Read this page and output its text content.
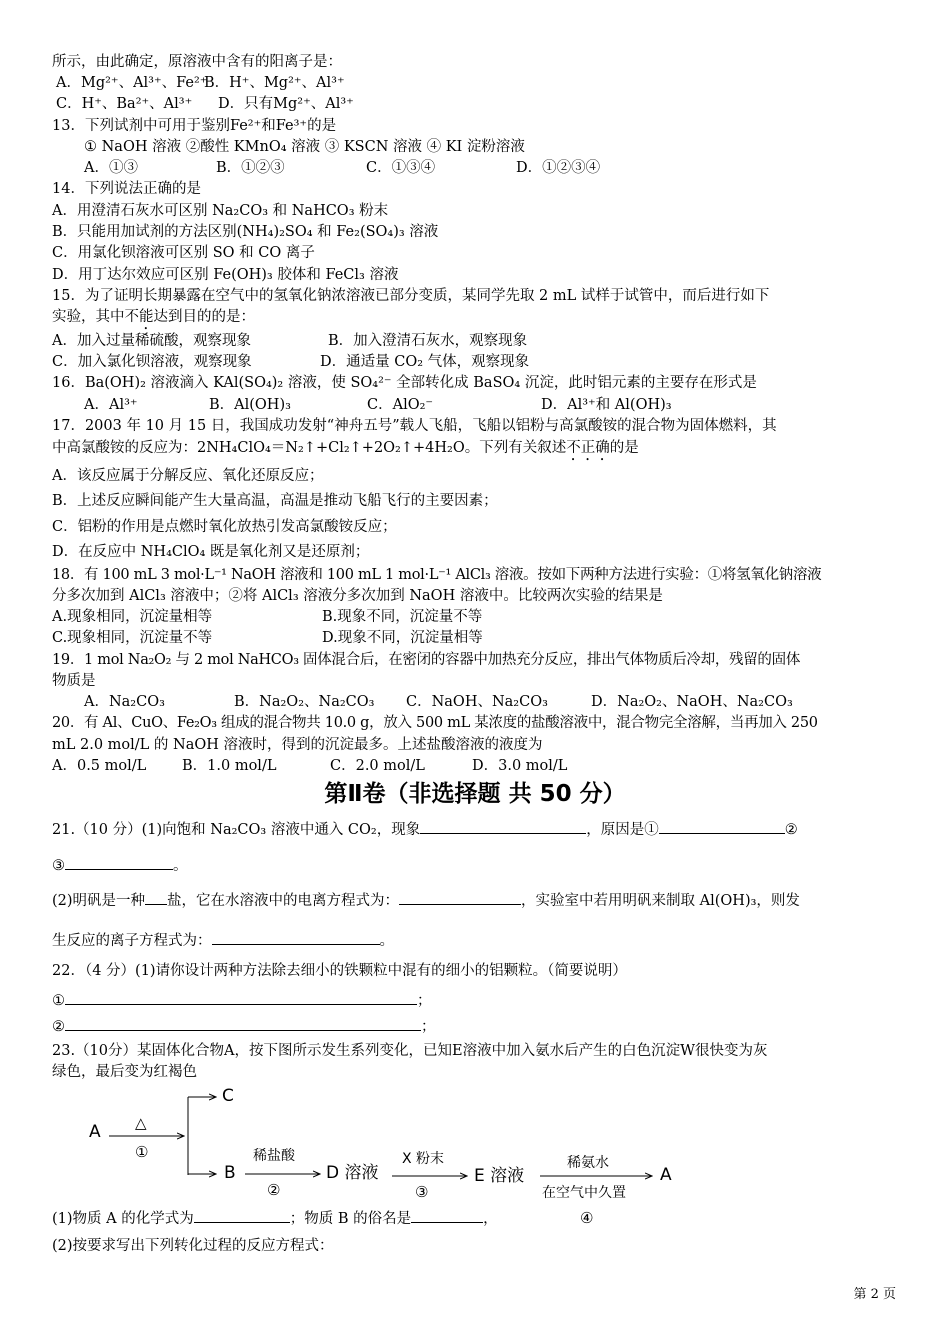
所示，由此确定，原溶液中含有的阳离子是：
A．Mg²⁺、Al³⁺、Fe²⁺B．H⁺、Mg²⁺、Al³⁺
C．H⁺、Ba²⁺、Al³⁺ D．只有Mg²⁺、Al³⁺
13．下列试剂中可用于鉴别Fe²⁺和Fe³⁺的是
① NaOH 溶液 ②酸性 KMnO₄ 溶液 ③ KSCN 溶液 ④ KI 淀粉溶液
A．①③	B．①②③	C．①③④	D．①②③④
14．下列说法正确的是
A．用澄清石灰水可区别 Na₂CO₃ 和 NaHCO₃ 粉末
B．只能用加试剂的方法区别(NH₄)₂SO₄ 和 Fe₂(SO₄)₃ 溶液
C．用氯化钡溶液可区别 SO 和 CO 离子
D．用丁达尔效应可区别 Fe(OH)₃ 胶体和 FeCl₃ 溶液
15．为了证明长期暴露在空气中的氢氧化钠浓溶液已部分变质，某同学先取 2 mL 试样于试管中，而后进行如下
实验，其中不能达到目的的是：
A．加入过量稀硫酸，观察现象	B．加入澄清石灰水，观察现象
C．加入氯化钡溶液，观察现象	D．通适量 CO₂ 气体，观察现象
16．Ba(OH)₂ 溶液滴入 KAl(SO₄)₂ 溶液，使 SO₄²⁻ 全部转化成 BaSO₄ 沉淀，此时铝元素的主要存在形式是
A．Al³⁺	B．Al(OH)₃	C．AlO₂⁻	D．Al³⁺和 Al(OH)₃
17．2003 年 10 月 15 日，我国成功发射“神舟五号”载人飞船，飞船以铝粉与高氯酸铵的混合物为固体燃料，其
中高氯酸铵的反应为：2NH₄ClO₄＝N₂↑+Cl₂↑+2O₂↑+4H₂O。下列有关叙述不正确的是
A．该反应属于分解反应、氧化还原反应；
B．上述反应瞬间能产生大量高温，高温是推动飞船飞行的主要因素；
C．铝粉的作用是点燃时氧化放热引发高氯酸铵反应；
D．在反应中 NH₄ClO₄ 既是氧化剂又是还原剂；
18．有 100 mL 3 mol·L⁻¹ NaOH 溶液和 100 mL 1 mol·L⁻¹ AlCl₃ 溶液。按如下两种方法进行实验：①将氢氧化钠溶液
分多次加到 AlCl₃ 溶液中；②将 AlCl₃ 溶液分多次加到 NaOH 溶液中。比较两次实验的结果是
A.现象相同，沉淀量相等	B.现象不同，沉淀量不等
C.现象相同，沉淀量不等	D.现象不同，沉淀量相等
19．1 mol Na₂O₂ 与 2 mol NaHCO₃ 固体混合后，在密闭的容器中加热充分反应，排出气体物质后冷却，残留的固体
物质是
A．Na₂CO₃	B．Na₂O₂、Na₂CO₃ C．NaOH、Na₂CO₃	D．Na₂O₂、NaOH、Na₂CO₃
20．有 Al、CuO、Fe₂O₃ 组成的混合物共 10.0 g，放入 500 mL 某浓度的盐酸溶液中，混合物完全溶解，当再加入 250
mL 2.0 mol/L 的 NaOH 溶液时，得到的沉淀最多。上述盐酸溶液的液度为
A．0.5 mol/L B．1.0 mol/L	C．2.0 mol/L	D．3.0 mol/L
第Ⅱ卷（非选择题 共 50 分）
21.（10 分）(1)向饱和 Na₂CO₃ 溶液中通入 CO₂，现象	，原因是①	②
③	。
(2)明矾是一种 盐，它在水溶液中的电离方程式为：	，实验室中若用明矾来制取 Al(OH)₃，则发
生反应的离子方程式为：	。
22．（4 分）(1)请你设计两种方法除去细小的铁颗粒中混有的细小的铝颗粒。（简要说明）
①	；
②	；
23.（10分）某固体化合物A，按下图所示发生系列变化，已知E溶液中加入氨水后产生的白色沉淀W很快变为灰
绿色，最后变为红褐色
A △
①
C
B
稀盐酸
②
D 溶液
X 粉末
③
E 溶液
稀氨水
在空气中久置
④
A
(1)物质 A 的化学式为	；物质 B 的俗名是	，
(2)按要求写出下列转化过程的反应方程式：
第 2 页
